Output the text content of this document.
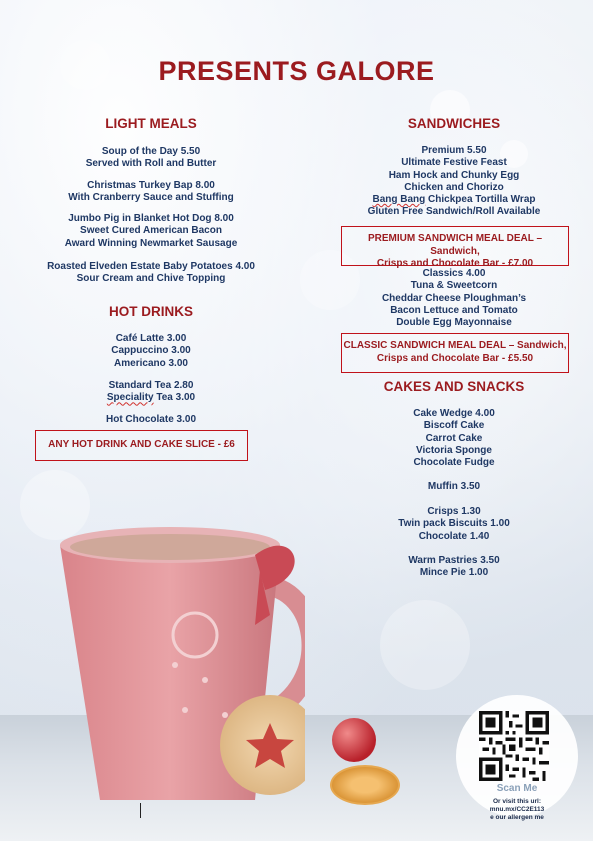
PRESENTS GALORE
LIGHT MEALS
Soup of the Day 5.50
Served with Roll and Butter
Christmas Turkey Bap 8.00
With Cranberry Sauce and Stuffing
Jumbo Pig in Blanket Hot Dog 8.00
Sweet Cured American Bacon
Award Winning Newmarket Sausage
Roasted Elveden Estate Baby Potatoes 4.00
Sour Cream and Chive Topping
HOT DRINKS
Café Latte 3.00
Cappuccino 3.00
Americano 3.00
Standard Tea 2.80
Speciality Tea 3.00
Hot Chocolate 3.00
ANY HOT DRINK AND CAKE SLICE - £6
SANDWICHES
Premium 5.50
Ultimate Festive Feast
Ham Hock and Chunky Egg
Chicken and Chorizo
Bang Bang Chickpea Tortilla Wrap
Gluten Free Sandwich/Roll Available
Classics 4.00
Tuna & Sweetcorn
Cheddar Cheese Ploughman’s
Bacon Lettuce and Tomato
Double Egg Mayonnaise
CAKES AND SNACKS
Cake Wedge 4.00
Biscoff Cake
Carrot Cake
Victoria Sponge
Chocolate Fudge
Muffin 3.50
Crisps 1.30
Twin pack Biscuits 1.00
Chocolate 1.40
Warm Pastries 3.50
Mince Pie 1.00
PREMIUM SANDWICH MEAL DEAL – Sandwich,
Crisps and Chocolate Bar - £7.00
CLASSIC SANDWICH MEAL DEAL – Sandwich,
Crisps and Chocolate Bar - £5.50
Scan Me
Or visit this url:
mnu.mx/CC2E113
e our allergen me
